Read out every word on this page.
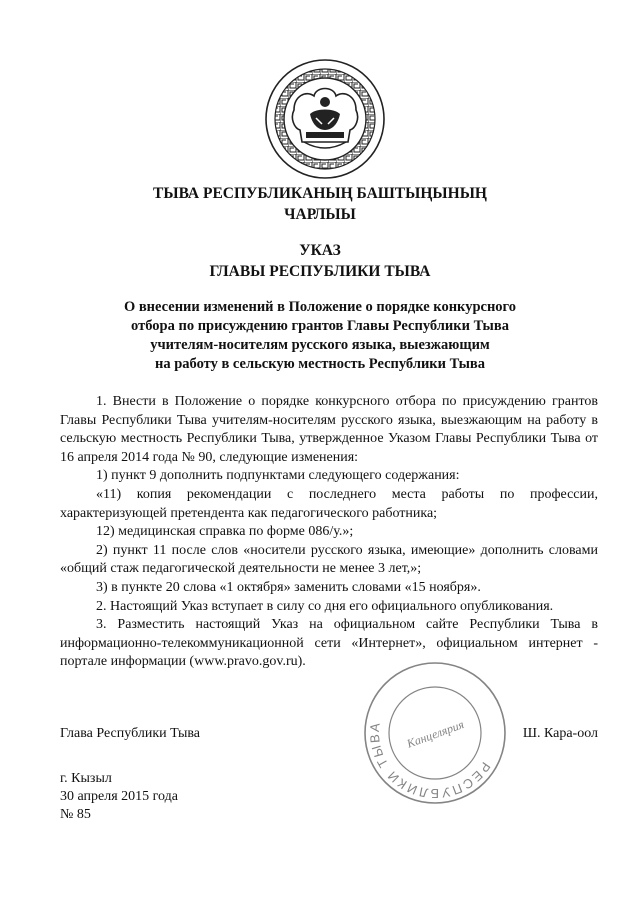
ТЫВА РЕСПУБЛИКАНЫҢ БАШТЫҢЫНЫҢ
ЧАРЛЫЫ
УКАЗ
ГЛАВЫ РЕСПУБЛИКИ ТЫВА
О внесении изменений в Положение о порядке конкурсного
отбора по присуждению грантов Главы Республики Тыва
учителям-носителям русского языка, выезжающим
на работу в сельскую местность Республики Тыва

1. Внести в Положение о порядке конкурсного отбора по присуждению грантов Главы Республики Тыва учителям-носителям русского языка, выезжающим на работу в сельскую местность Республики Тыва, утвержденное Указом Главы Республики Тыва от 16 апреля 2014 года № 90, следующие изменения:

1) пункт 9 дополнить подпунктами следующего содержания:

«11) копия рекомендации с последнего места работы по профессии, характеризующей претендента как педагогического работника;

12) медицинская справка по форме 086/у.»;

2) пункт 11 после слов «носители русского языка, имеющие» дополнить словами «общий стаж педагогической деятельности не менее 3 лет,»;

3) в пункте 20 слова «1 октября» заменить словами «15 ноября».

2. Настоящий Указ вступает в силу со дня его официального опубликования.

3. Разместить настоящий Указ на официальном сайте Республики Тыва в информационно-телекоммуникационной сети «Интернет», официальном интернет - портале информации (www.pravo.gov.ru).

РЕСПУБЛИКИ ТЫВА	Канцелярия
Глава Республики Тыва	Ш. Кара-оол
г. Кызыл
30 апреля 2015 года
№ 85
